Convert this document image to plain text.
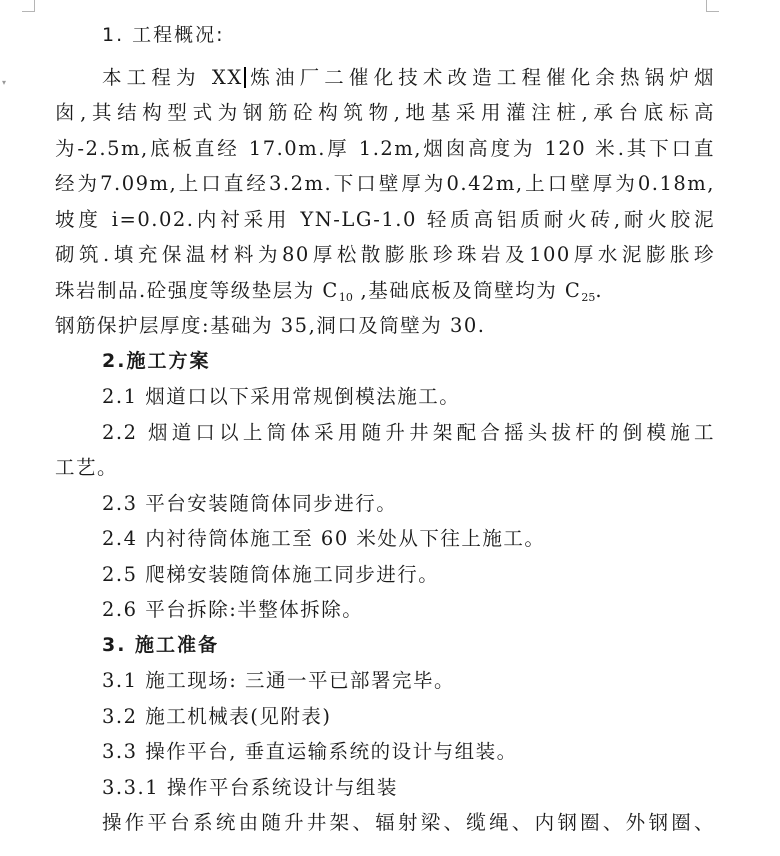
▾
1. 工程概况:
本工程为 XX 炼油厂二催化技术改造工程催化余热锅炉烟
囱,其结构型式为钢筋砼构筑物,地基采用灌注桩,承台底标高
为-2.5m,底板直经 17.0m.厚 1.2m,烟囱高度为 120 米.其下口直
经为7.09m,上口直经3.2m.下口壁厚为0.42m,上口壁厚为0.18m,
坡度 i=0.02.内衬采用 YN-LG-1.0 轻质高铝质耐火砖,耐火胶泥
砌筑.填充保温材料为80厚松散膨胀珍珠岩及100厚水泥膨胀珍
珠岩制品.砼强度等级垫层为 $C_{10}$ ,基础底板及筒壁均为 $C_{25}$.
钢筋保护层厚度:基础为 35,洞口及筒壁为 30.
2.施工方案
2.1 烟道口以下采用常规倒模法施工。
2.2 烟道口以上筒体采用随升井架配合摇头拔杆的倒模施工
工艺。
2.3 平台安装随筒体同步进行。
2.4 内衬待筒体施工至 60 米处从下往上施工。
2.5 爬梯安装随筒体施工同步进行。
2.6 平台拆除:半整体拆除。
3. 施工准备
3.1 施工现场: 三通一平已部署完毕。
3.2 施工机械表(见附表)
3.3 操作平台, 垂直运输系统的设计与组装。
3.3.1 操作平台系统设计与组装
操作平台系统由随升井架、辐射梁、缆绳、内钢圈、外钢圈、
